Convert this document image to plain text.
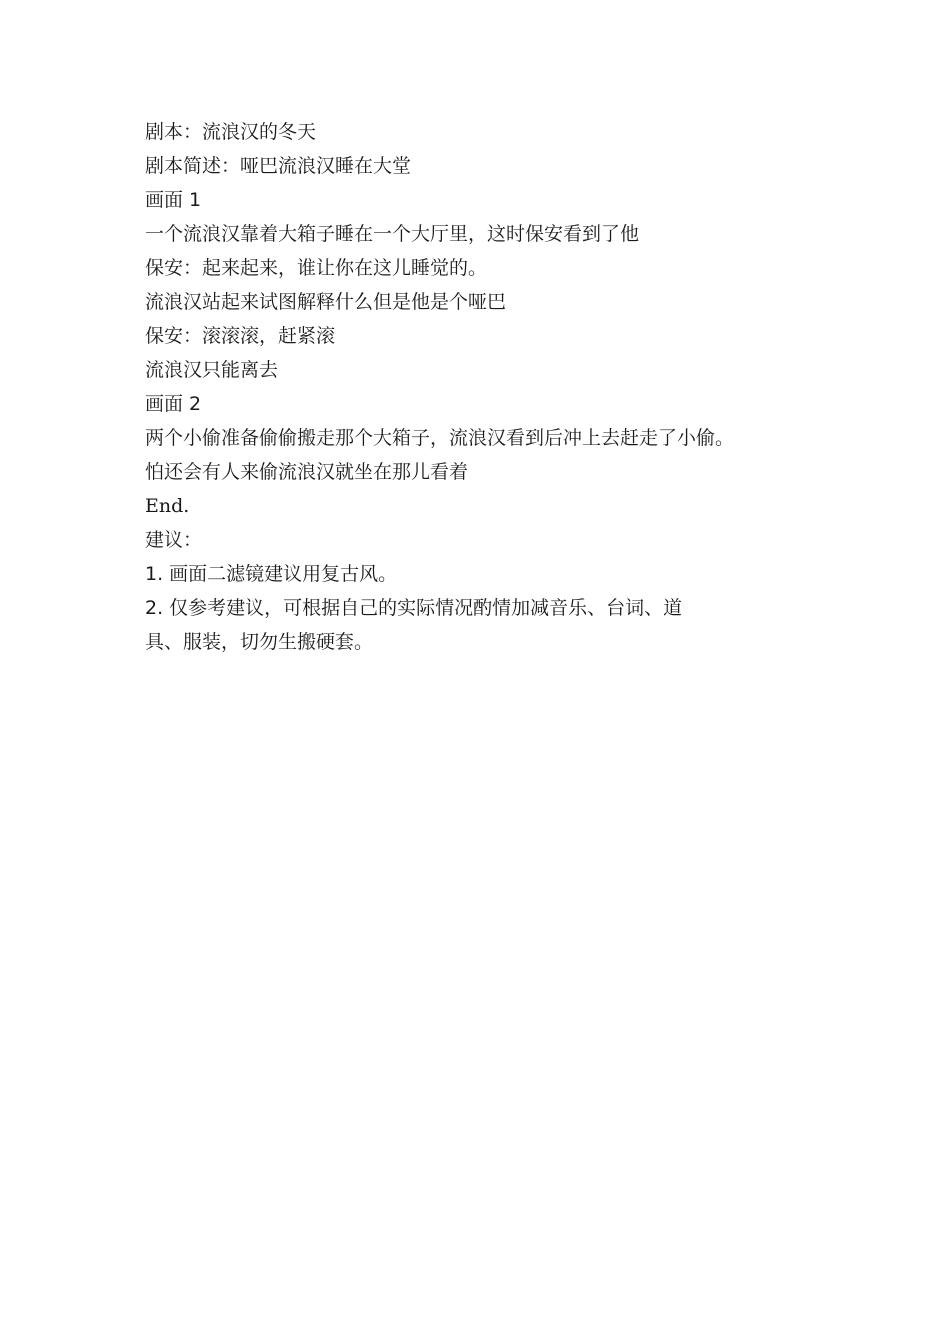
剧本：流浪汉的冬天
剧本简述：哑巴流浪汉睡在大堂
画面 1
一个流浪汉靠着大箱子睡在一个大厅里，这时保安看到了他
保安：起来起来，谁让你在这儿睡觉的。
流浪汉站起来试图解释什么但是他是个哑巴
保安：滚滚滚，赶紧滚
流浪汉只能离去
画面 2
两个小偷准备偷偷搬走那个大箱子，流浪汉看到后冲上去赶走了小偷。
怕还会有人来偷流浪汉就坐在那儿看着
End.
建议：
1. 画面二滤镜建议用复古风。
2. 仅参考建议，可根据自己的实际情况酌情加减音乐、台词、道
具、服装，切勿生搬硬套。
